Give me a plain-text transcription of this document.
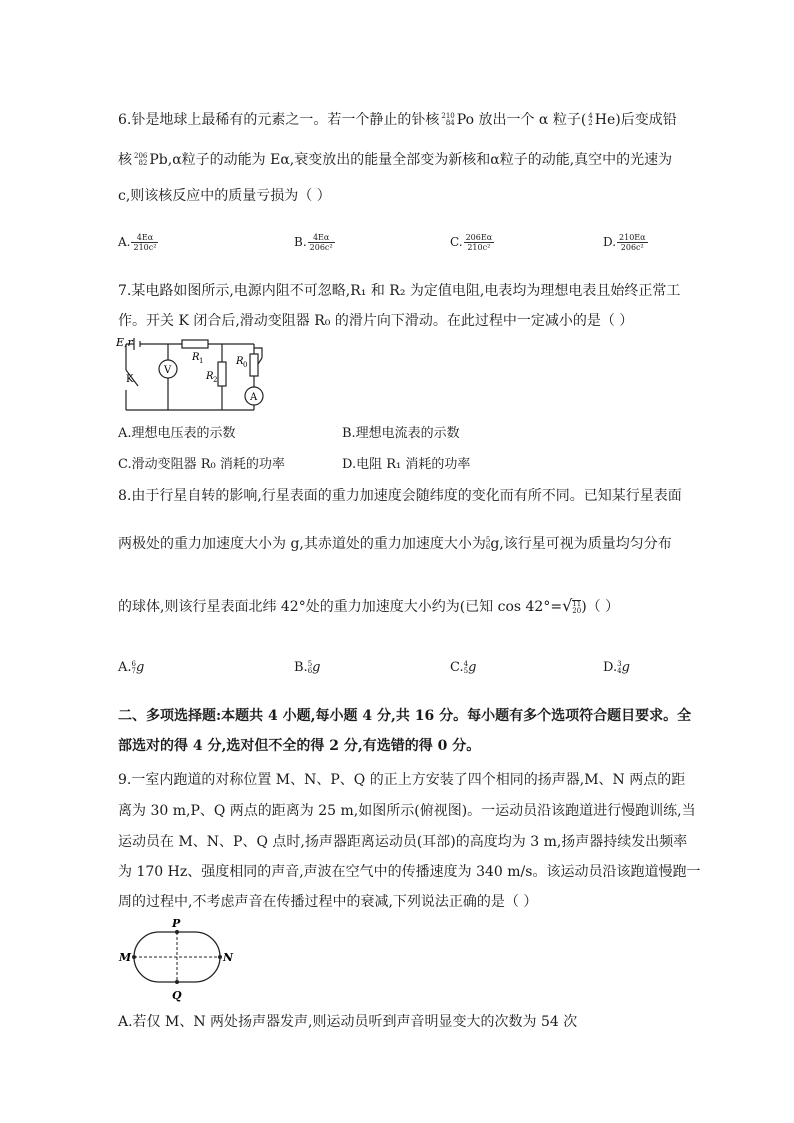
6.钋是地球上最稀有的元素之一。若一个静止的钋核 210
84 Po 放出一个 α 粒子( 4
2 He)后变成铅
核 206
82 Pb,α粒子的动能为 Eα,衰变放出的能量全部变为新核和α粒子的动能,真空中的光速为
c,则该核反应中的质量亏损为（ ）
A. $\frac{4E\alpha}{\text{210c²}}$	B. $\frac{4E\alpha}{\text{206c²}}$	C. $\frac{206E\alpha}{\text{210c²}}$	D. $\frac{210E\alpha}{\text{206c²}}$
7.某电路如图所示,电源内阻不可忽略,R₁ 和 R₂ 为定值电阻,电表均为理想电表且始终正常工
作。开关 K 闭合后,滑动变阻器 R₀ 的滑片向下滑动。在此过程中一定减小的是（ ）
E,r
K
V
A
R 1
R 2
R 0
A.理想电压表的示数	B.理想电流表的示数
C.滑动变阻器 R₀ 消耗的功率	D.电阻 R₁ 消耗的功率
8.由于行星自转的影响,行星表面的重力加速度会随纬度的变化而有所不同。已知某行星表面
两极处的重力加速度大小为 g,其赤道处的重力加速度大小为 5
6 g,该行星可视为质量均匀分布
的球体,则该行星表面北纬 42°处的重力加速度大小约为(已知 cos 42°=√ 11
20 )（ ）
A. 6
7 g	B. 5
6 g	C. 4
5 g	D. 3
4 g
二、多项选择题:本题共 4 小题,每小题 4 分,共 16 分。每小题有多个选项符合题目要求。全
部选对的得 4 分,选对但不全的得 2 分,有选错的得 0 分。
9.一室内跑道的对称位置 M、N、P、Q 的正上方安装了四个相同的扬声器,M、N 两点的距
离为 30 m,P、Q 两点的距离为 25 m,如图所示(俯视图)。一运动员沿该跑道进行慢跑训练,当
运动员在 M、N、P、Q 点时,扬声器距离运动员(耳部)的高度均为 3 m,扬声器持续发出频率
为 170 Hz、强度相同的声音,声波在空气中的传播速度为 340 m/s。该运动员沿该跑道慢跑一
周的过程中,不考虑声音在传播过程中的衰减,下列说法正确的是（ ）
P
Q
M	N
A.若仅 M、N 两处扬声器发声,则运动员听到声音明显变大的次数为 54 次
